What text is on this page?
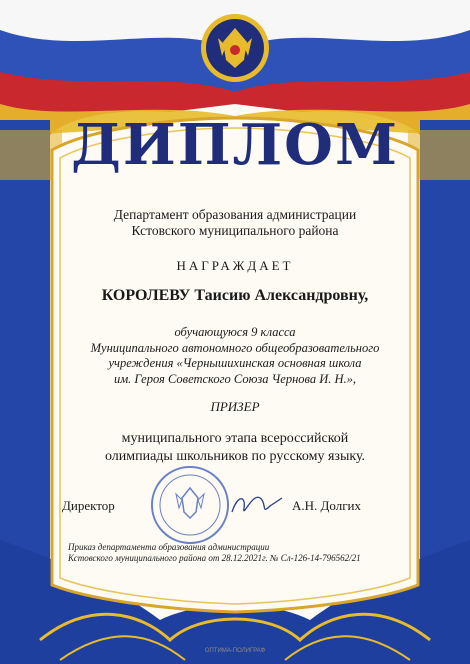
ДИПЛОМ
Департамент образования администрации
Кстовского муниципального района
НАГРАЖДАЕТ
КОРОЛЕВУ Таисию Александровну,
обучающуюся 9 класса
Муниципального автономного общеобразовательного
учреждения «Чернышихинская основная школа
им. Героя Советского Союза Чернова И. Н.»,
ПРИЗЕР
муниципального этапа всероссийской
олимпиады школьников по русскому языку.
Директор	А.Н. Долгих
Приказ департамента образования администрации
Кстовского муниципального района от 28.12.2021г. № Сл-126-14-796562/21
ОПТИМА-ПОЛИГРАФ
